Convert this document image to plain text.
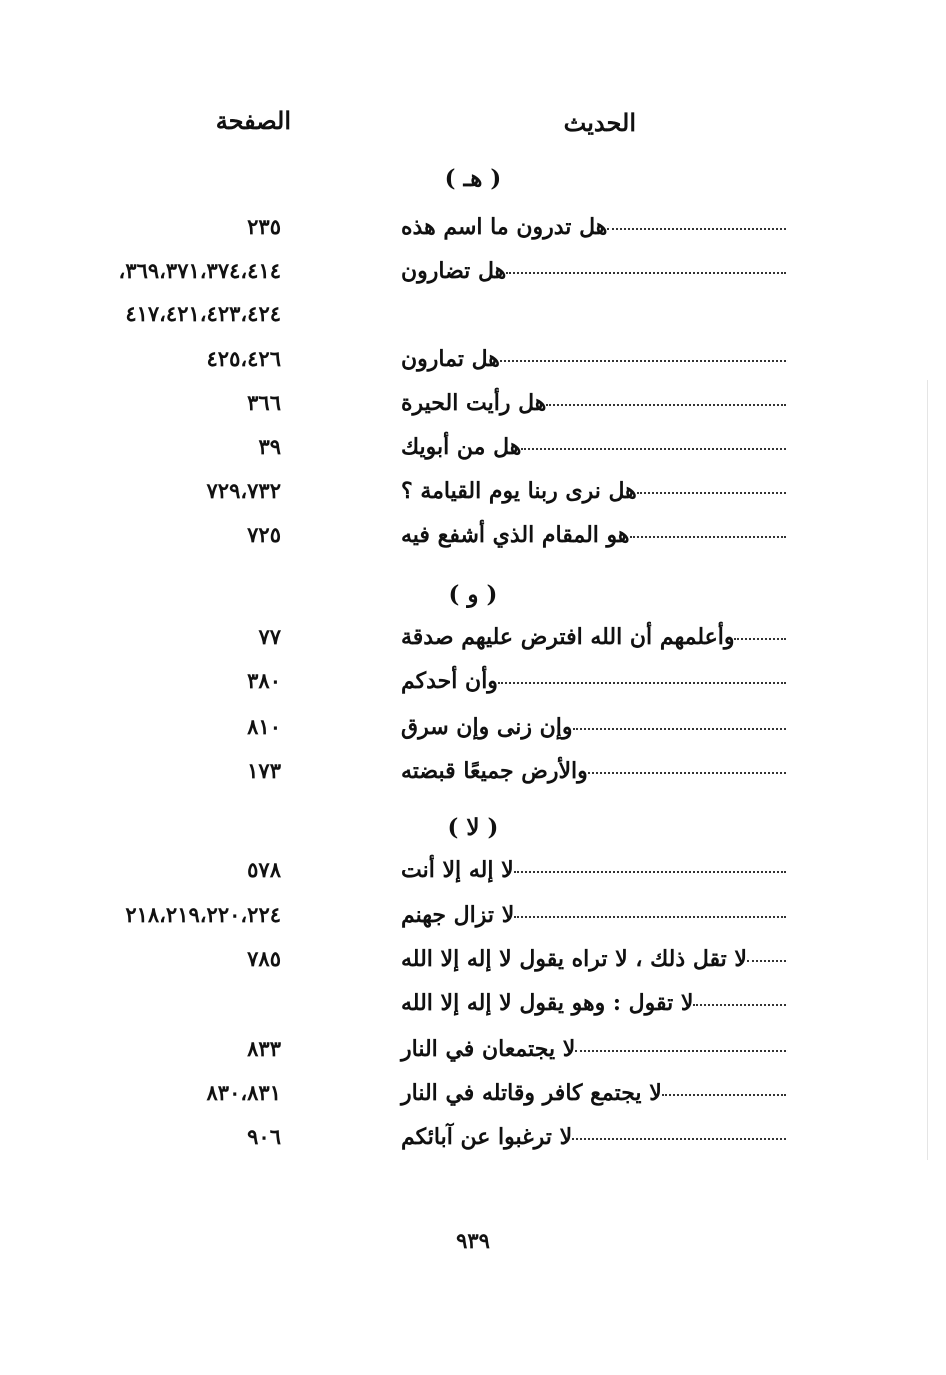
الحديث
الصفحة
( هـ )
هل تدرون ما اسم هذه
٢٣٥
هل تضارون
٣٦٩،٣٧١،٣٧٤،٤١٤،
٤١٧،٤٢١،٤٢٣،٤٢٤
هل تمارون
٤٢٥،٤٢٦
هل رأيت الحيرة
٣٦٦
هل من أبويك
٣٩
هل نرى ربنا يوم القيامة ؟
٧٢٩،٧٣٢
هو المقام الذي أشفع فيه
٧٢٥
( و )
وأعلمهم أن الله افترض عليهم صدقة
٧٧
وأن أحدكم
٣٨٠
وإن زنى وإن سرق
٨١٠
والأرض جميعًا قبضته
١٧٣
( لا )
لا إله إلا أنت
٥٧٨
لا تزال جهنم
٢١٨،٢١٩،٢٢٠،٢٢٤
لا تقل ذلك ، لا تراه يقول لا إله إلا الله
٧٨٥
لا تقول : وهو يقول لا إله إلا الله
لا يجتمعان في النار
٨٣٣
لا يجتمع كافر وقاتله في النار
٨٣٠،٨٣١
لا ترغبوا عن آبائكم
٩٠٦
٩٣٩
